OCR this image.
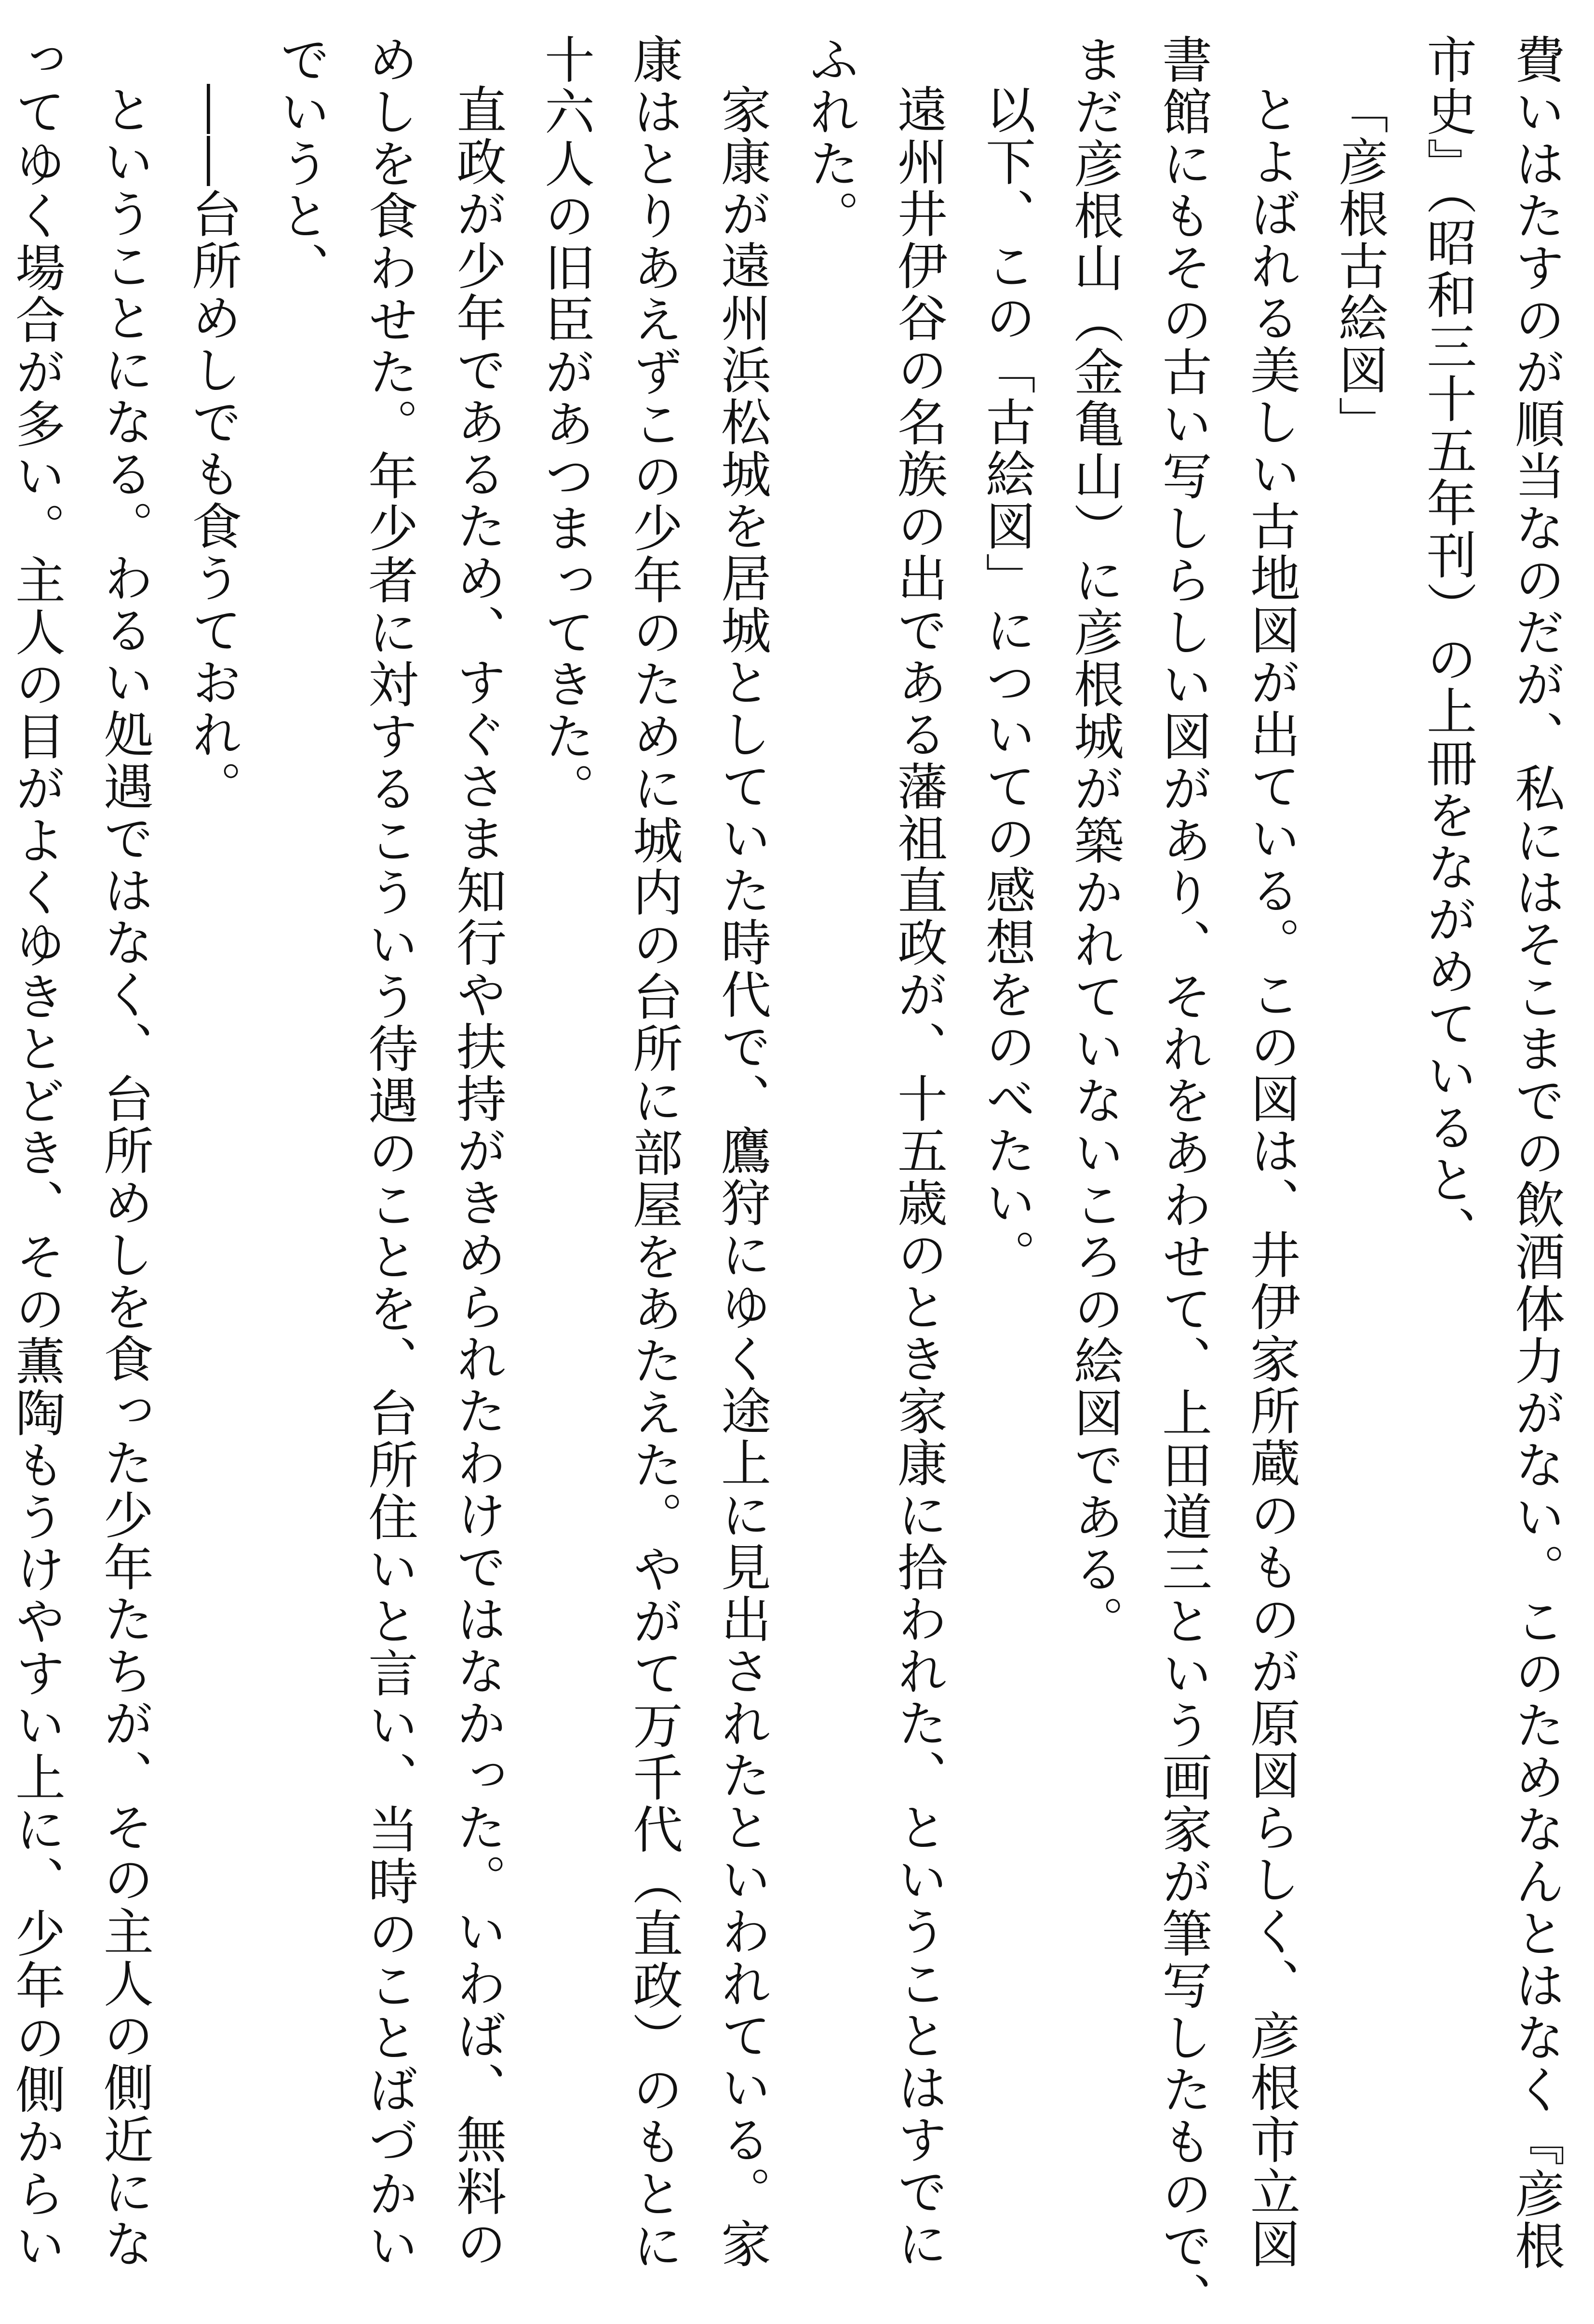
費いはたすのが順当なのだが、私にはそこまでの飲酒体力がない。このためなんとはなく『彦根
市史』（昭和三十五年刊）の上冊をながめていると、
「彦根古絵図」
とよばれる美しい古地図が出ている。この図は、井伊家所蔵のものが原図らしく、彦根市立図
書館にもその古い写しらしい図があり、それをあわせて、上田道三という画家が筆写したもので、
まだ彦根山（金亀山）に彦根城が築かれていないころの絵図である。
以下、この「古絵図」についての感想をのべたい。
遠州井伊谷の名族の出である藩祖直政が、十五歳のとき家康に拾われた、ということはすでに
ふれた。
家康が遠州浜松城を居城としていた時代で、鷹狩にゆく途上に見出されたといわれている。家
康はとりあえずこの少年のために城内の台所に部屋をあたえた。やがて万千代（直政）のもとに
十六人の旧臣があつまってきた。
直政が少年であるため、すぐさま知行や扶持がきめられたわけではなかった。いわば、無料の
めしを食わせた。年少者に対するこういう待遇のことを、台所住いと言い、当時のことばづかい
でいうと、
――台所めしでも食うておれ。
ということになる。わるい処遇ではなく、台所めしを食った少年たちが、その主人の側近にな
ってゆく場合が多い。主人の目がよくゆきとどき、その薫陶もうけやすい上に、少年の側からい
